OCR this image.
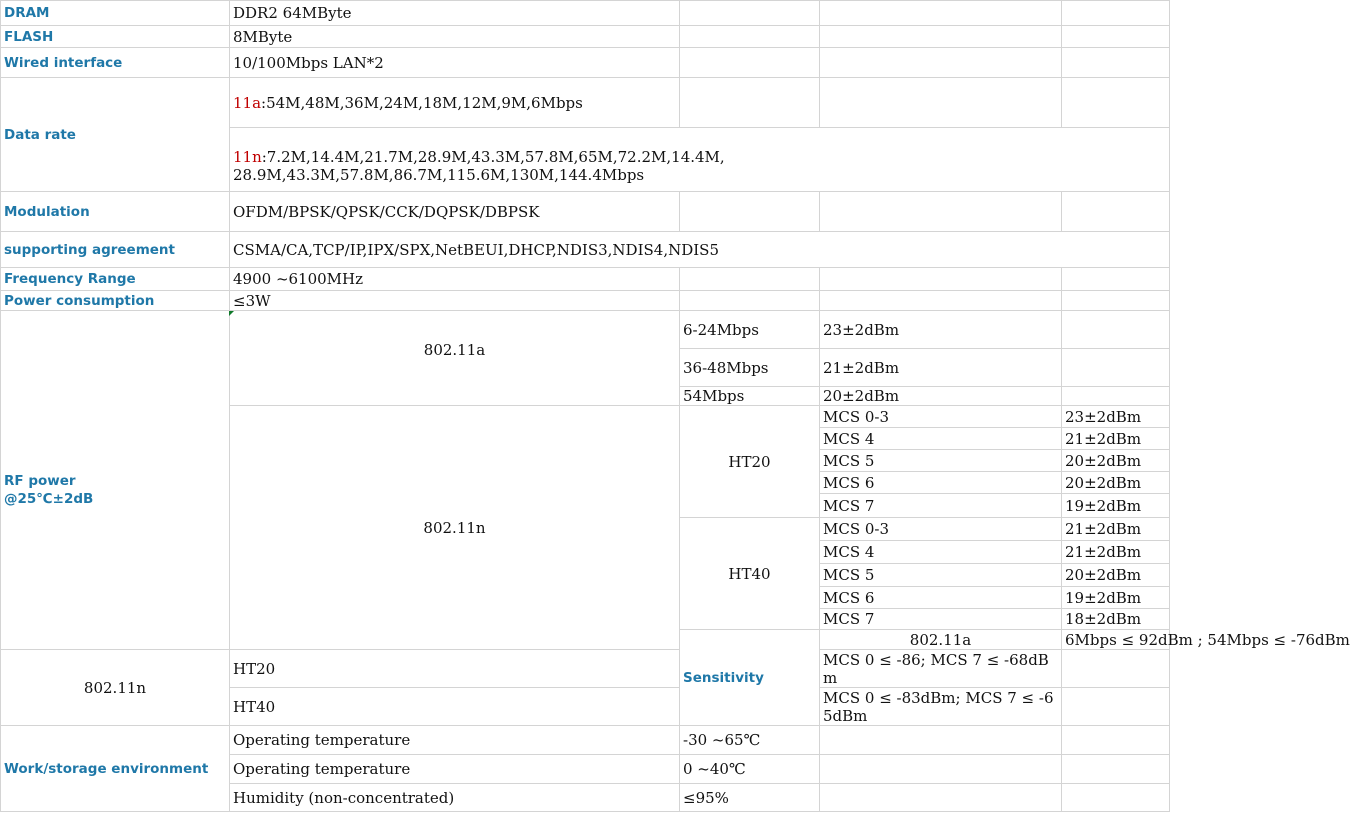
DRAM	DDR2 64MByte				
FLASH	8MByte				
Wired interface	10/100Mbps LAN*2				
Data rate	11a:54M,48M,36M,24M,18M,12M,9M,6Mbps				

	11n:7.2M,14.4M,21.7M,28.9M,43.3M,57.8M,65M,72.2M,14.4M,
28.9M,43.3M,57.8M,86.7M,115.6M,130M,144.4Mbps				

Modulation	OFDM/BPSK/QPSK/CCK/DQPSK/DBPSK				
supporting agreement	CSMA/CA,TCP/IP,IPX/SPX,NetBEUI,DHCP,NDIS3,NDIS4,NDIS5				
Frequency Range	4900 ~6100MHz				
Power consumption	≤3W				

RF power
@25℃±2dB	802.11a	6-24Mbps	23±2dBm		
		36-48Mbps	21±2dBm		
		54Mbps	20±2dBm		
	802.11n	HT20	MCS 0-3	23±2dBm	
			MCS 4	21±2dBm	
			MCS 5	20±2dBm	
			MCS 6	20±2dBm	
			MCS 7	19±2dBm	
		HT40	MCS 0-3	21±2dBm	
			MCS 4	21±2dBm	
			MCS 5	20±2dBm	
			MCS 6	19±2dBm	
			MCS 7	18±2dBm	
		Sensitivity	802.11a	6Mbps ≤ 92dBm ; 54Mbps ≤ -76dBm	
802.11n	HT20		MCS 0 ≤ -86; MCS 7 ≤ -68dBm		
	HT40		MCS 0 ≤ -83dBm; MCS 7 ≤ -65dBm		
Work/storage environment	Operating temperature	-30 ~65℃			
	Operating temperature	0 ~40℃			
	Humidity (non-concentrated)	≤95%			
